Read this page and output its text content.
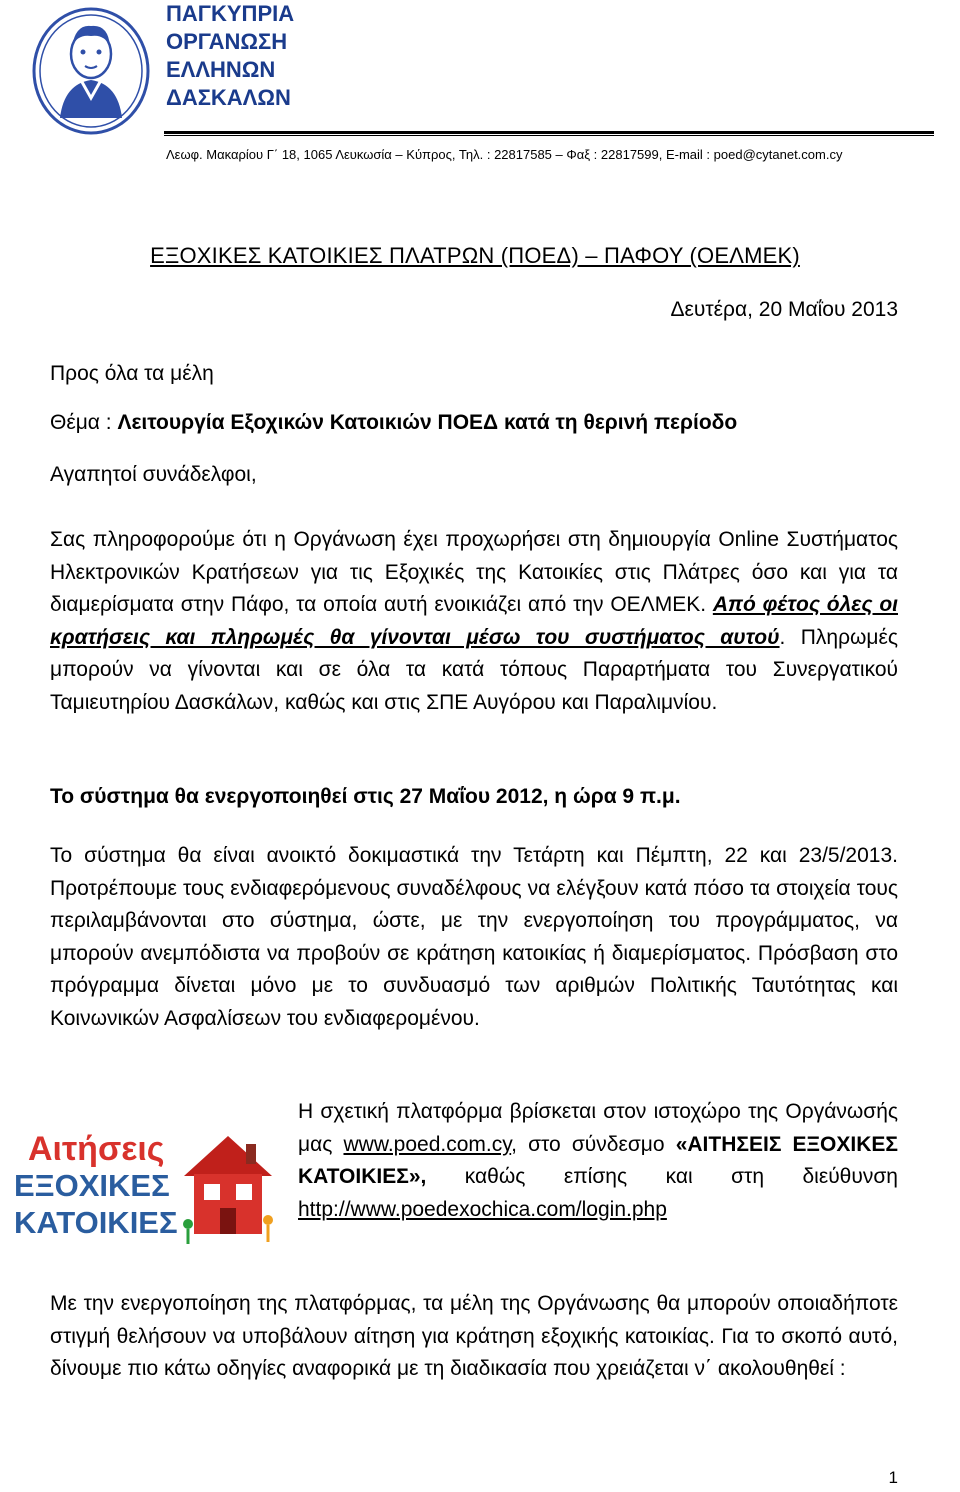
ΠΑΓΚΥΠΡΙΑ
ΟΡΓΑΝΩΣΗ
ΕΛΛΗΝΩΝ
ΔΑΣΚΑΛΩΝ
Λεωφ. Μακαρίου Γ΄ 18, 1065 Λευκωσία – Κύπρος, Τηλ. : 22817585 – Φαξ : 22817599, E-mail : poed@cytanet.com.cy
ΕΞΟΧΙΚΕΣ ΚΑΤΟΙΚΙΕΣ ΠΛΑΤΡΩΝ (ΠΟΕΔ) – ΠΑΦΟΥ (ΟΕΛΜΕΚ)
Δευτέρα, 20 Μαΐου 2013
Προς όλα τα μέλη
Θέμα : Λειτουργία Εξοχικών Κατοικιών ΠΟΕΔ κατά τη θερινή περίοδο
Αγαπητοί συνάδελφοι,
Σας πληροφορούμε ότι η Οργάνωση έχει προχωρήσει στη δημιουργία Online Συστήματος Ηλεκτρονικών Κρατήσεων για τις Εξοχικές της Κατοικίες στις Πλάτρες όσο και για τα διαμερίσματα στην Πάφο, τα οποία αυτή ενοικιάζει από την ΟΕΛΜΕΚ. Από φέτος όλες οι κρατήσεις και πληρωμές θα γίνονται μέσω του συστήματος αυτού. Πληρωμές μπορούν να γίνονται και σε όλα τα κατά τόπους Παραρτήματα του Συνεργατικού Ταμιευτηρίου Δασκάλων, καθώς και στις ΣΠΕ Αυγόρου και Παραλιμνίου.
Το σύστημα θα ενεργοποιηθεί στις 27 Μαΐου 2012, η ώρα 9 π.μ.
Το σύστημα θα είναι ανοικτό δοκιμαστικά την Τετάρτη και Πέμπτη, 22 και 23/5/2013. Προτρέπουμε τους ενδιαφερόμενους συναδέλφους να ελέγξουν κατά πόσο τα στοιχεία τους περιλαμβάνονται στο σύστημα, ώστε, με την ενεργοποίηση του προγράμματος, να μπορούν ανεμπόδιστα να προβούν σε κράτηση κατοικίας ή διαμερίσματος. Πρόσβαση στο πρόγραμμα δίνεται μόνο με το συνδυασμό των αριθμών Πολιτικής Ταυτότητας και Κοινωνικών Ασφαλίσεων του ενδιαφερομένου.
Αιτήσεις
ΕΞΟΧΙΚΕΣ
ΚΑΤΟΙΚΙΕΣ
Η σχετική πλατφόρμα βρίσκεται στον ιστοχώρο της Οργάνωσής μας www.poed.com.cy, στο σύνδεσμο «ΑΙΤΗΣΕΙΣ ΕΞΟΧΙΚΕΣ ΚΑΤΟΙΚΙΕΣ», καθώς επίσης και στη διεύθυνση http://www.poedexochica.com/login.php
Με την ενεργοποίηση της πλατφόρμας, τα μέλη της Οργάνωσης θα μπορούν οποιαδήποτε στιγμή θελήσουν να υποβάλουν αίτηση για κράτηση εξοχικής κατοικίας. Για το σκοπό αυτό, δίνουμε πιο κάτω οδηγίες αναφορικά με τη διαδικασία που χρειάζεται ν΄ ακολουθηθεί :
1
